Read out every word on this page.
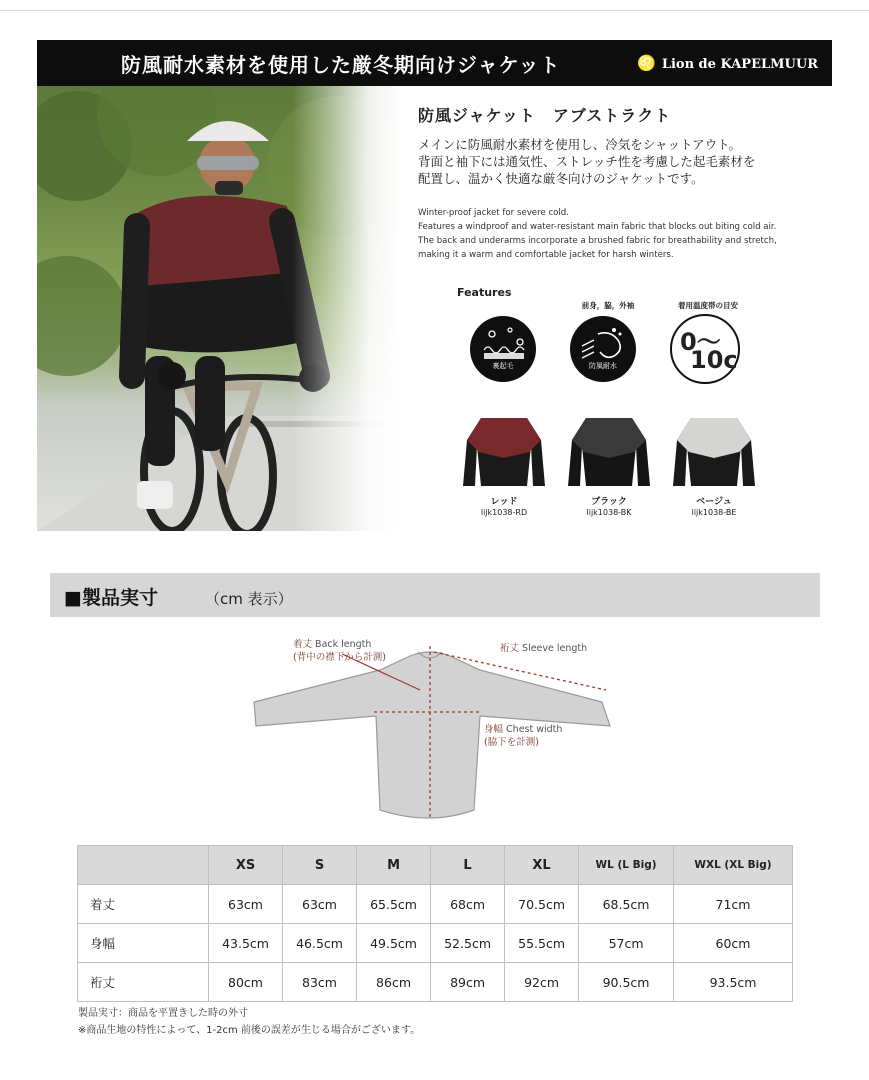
防風耐水素材を使用した厳冬期向けジャケット	♌ Lion de KAPELMUUR
防風ジャケット　アブストラクト
メインに防風耐水素材を使用し、冷気をシャットアウト。
背面と袖下には通気性、ストレッチ性を考慮した起毛素材を
配置し、温かく快適な厳冬向けのジャケットです。
Winter-proof jacket for severe cold.
Features a windproof and water-resistant main fabric that blocks out biting cold air.
The back and underarms incorporate a brushed fabric for breathability and stretch,
making it a warm and comfortable jacket for harsh winters.
Features
前身，脇，外袖	着用温度帯の目安
裏起毛	防風耐水
0〜
10c
レッド
lijk1038-RD
ブラック
lijk1038-BK
ベージュ
lijk1038-BE
■製品実寸	（cm 表示）
着丈 Back length
(背中の襟下から計測)
裄丈 Sleeve length
身幅 Chest width
(脇下を計測)
	XS	S	M	L	XL	WL (L Big)	WXL (XL Big)
着丈	63cm	63cm	65.5cm	68cm	70.5cm	68.5cm	71cm
身幅	43.5cm	46.5cm	49.5cm	52.5cm	55.5cm	57cm	60cm
裄丈	80cm	83cm	86cm	89cm	92cm	90.5cm	93.5cm
製品実寸：商品を平置きした時の外寸
※商品生地の特性によって、1-2cm 前後の誤差が生じる場合がございます。
